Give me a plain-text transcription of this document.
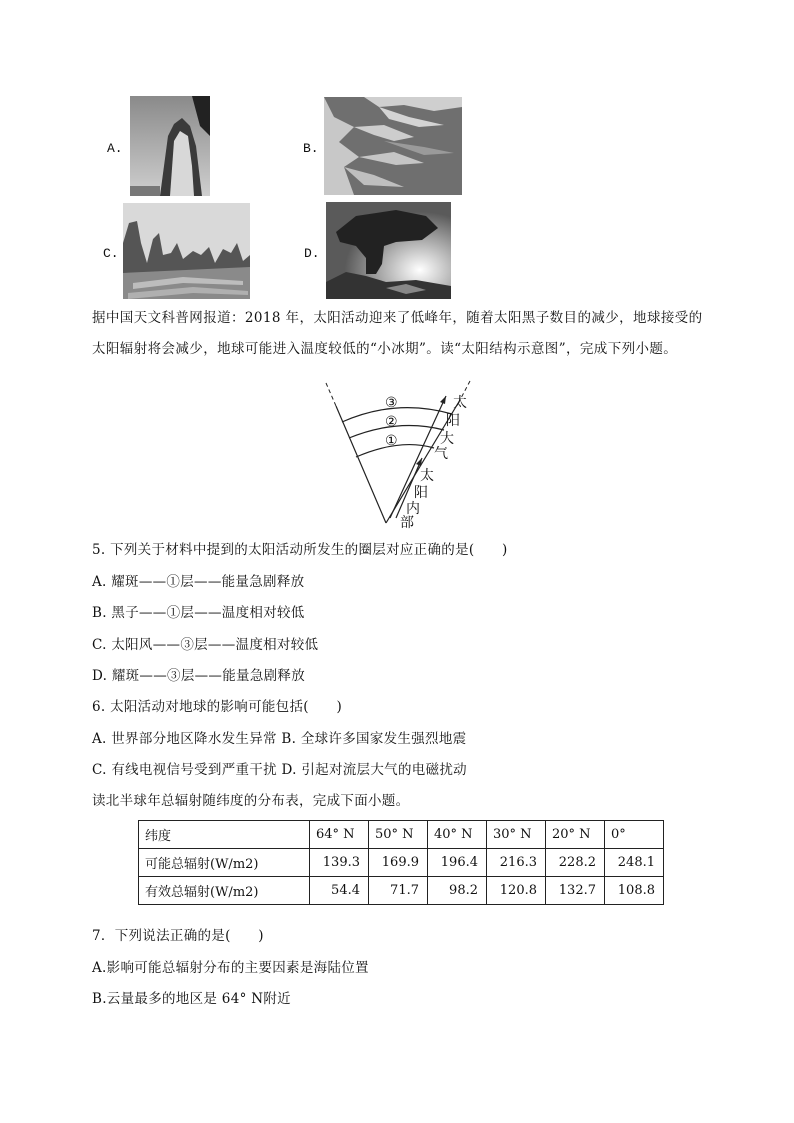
A.	B.
C.	D.
据中国天文科普网报道：2018 年，太阳活动迎来了低峰年，随着太阳黑子数目的减少，地球接受的太阳辐射将会减少，地球可能进入温度较低的“小冰期”。读“太阳结构示意图”，完成下列小题。
③
②
①
太
阳
大
气
太
阳
内
部
5. 下列关于材料中提到的太阳活动所发生的圈层对应正确的是(　　)
A. 耀斑——①层——能量急剧释放
B. 黑子——①层——温度相对较低
C. 太阳风——③层——温度相对较低
D. 耀斑——③层——能量急剧释放
6. 太阳活动对地球的影响可能包括(　　)
A. 世界部分地区降水发生异常 B. 全球许多国家发生强烈地震
C. 有线电视信号受到严重干扰 D. 引起对流层大气的电磁扰动
读北半球年总辐射随纬度的分布表，完成下面小题。
纬度	64° N	50° N	40° N	30° N	20° N	0°
可能总辐射(W/m2)	139.3	169.9	196.4	216.3	228.2	248.1
有效总辐射(W/m2)	54.4	71.7	98.2	120.8	132.7	108.8
7．下列说法正确的是(　　)
A.影响可能总辐射分布的主要因素是海陆位置
B.云量最多的地区是 64° N附近
